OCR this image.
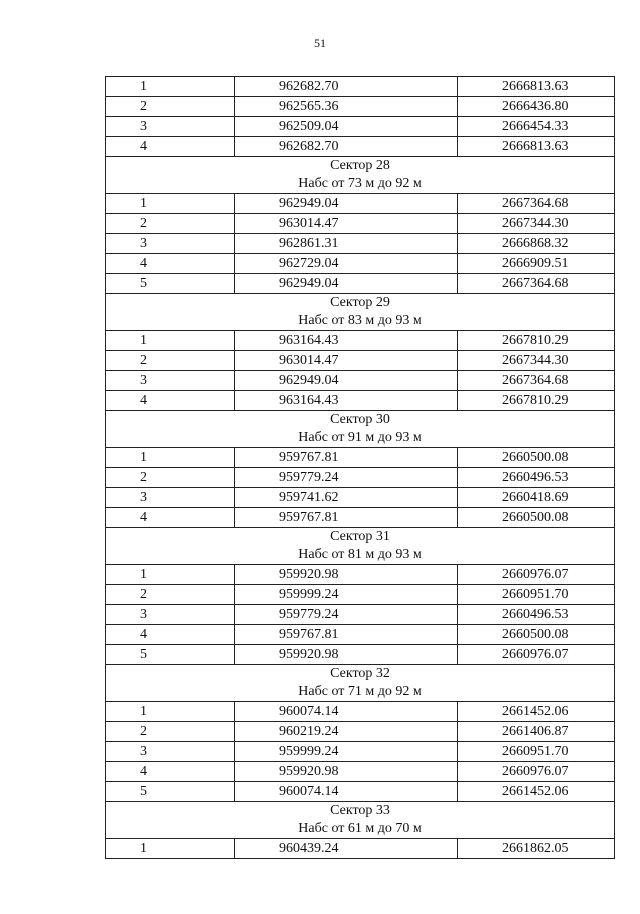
51
1	962682.70	2666813.63
2	962565.36	2666436.80
3	962509.04	2666454.33
4	962682.70	2666813.63

Сектор 28
Набс от 73 м до 92 м		

1	962949.04	2667364.68
2	963014.47	2667344.30
3	962861.31	2666868.32
4	962729.04	2666909.51
5	962949.04	2667364.68

Сектор 29
Набс от 83 м до 93 м		

1	963164.43	2667810.29
2	963014.47	2667344.30
3	962949.04	2667364.68
4	963164.43	2667810.29

Сектор 30
Набс от 91 м до 93 м		

1	959767.81	2660500.08
2	959779.24	2660496.53
3	959741.62	2660418.69
4	959767.81	2660500.08

Сектор 31
Набс от 81 м до 93 м		

1	959920.98	2660976.07
2	959999.24	2660951.70
3	959779.24	2660496.53
4	959767.81	2660500.08
5	959920.98	2660976.07

Сектор 32
Набс от 71 м до 92 м		

1	960074.14	2661452.06
2	960219.24	2661406.87
3	959999.24	2660951.70
4	959920.98	2660976.07
5	960074.14	2661452.06

Сектор 33
Набс от 61 м до 70 м		

1	960439.24	2661862.05
